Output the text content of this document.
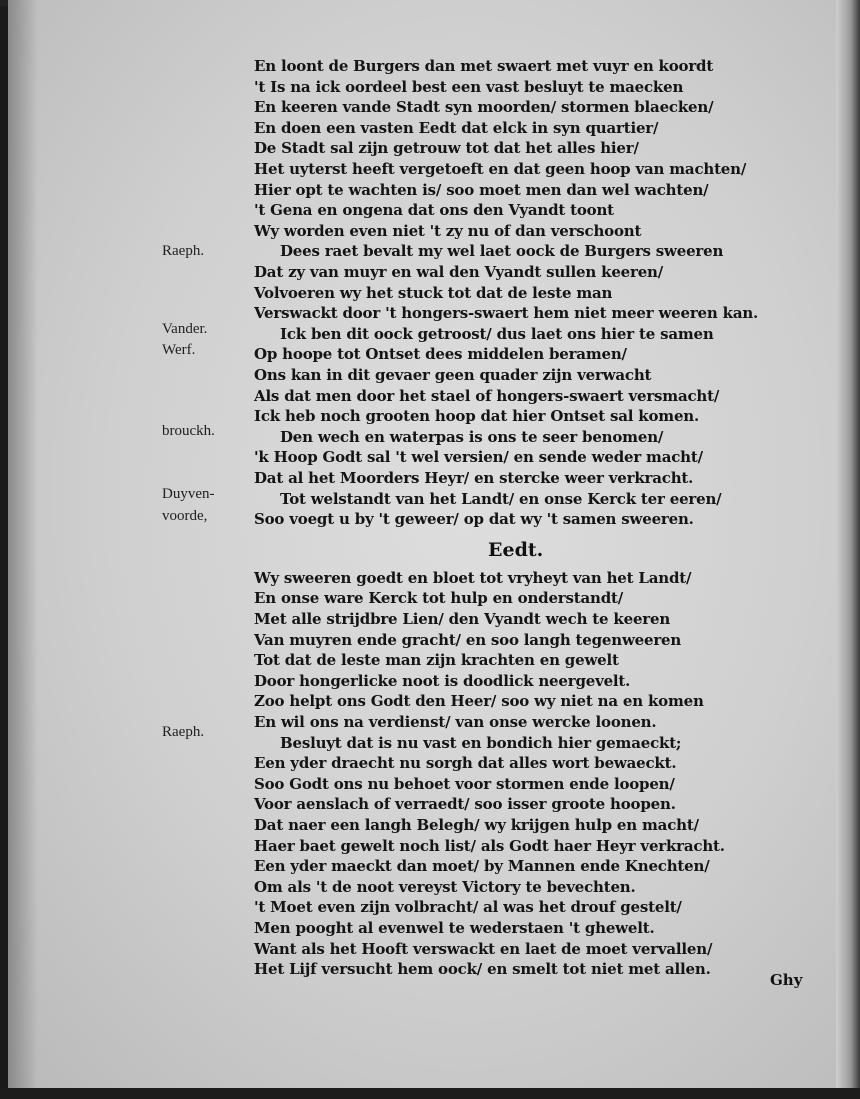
Eedt.
Ghy
En loont de Burgers dan met swaert met vuyr en koordt
't Is na ick oordeel best een vast besluyt te maecken
En keeren vande Stadt syn moorden/ stormen blaecken/
En doen een vasten Eedt dat elck in syn quartier/
De Stadt sal zijn getrouw tot dat het alles hier/
Het uyterst heeft vergetoeft en dat geen hoop van machten/
Hier opt te wachten is/ soo moet men dan wel wachten/
't Gena en ongena dat ons den Vyandt toont
Wy worden even niet 't zy nu of dan verschoont
Dees raet bevalt my wel laet oock de Burgers sweeren
Dat zy van muyr en wal den Vyandt sullen keeren/
Volvoeren wy het stuck tot dat de leste man
Verswackt door 't hongers-swaert hem niet meer weeren kan.
Ick ben dit oock getroost/ dus laet ons hier te samen
Op hoope tot Ontset dees middelen beramen/
Ons kan in dit gevaer geen quader zijn verwacht
Als dat men door het stael of hongers-swaert versmacht/
Ick heb noch grooten hoop dat hier Ontset sal komen.
Den wech en waterpas is ons te seer benomen/
'k Hoop Godt sal 't wel versien/ en sende weder macht/
Dat al het Moorders Heyr/ en stercke weer verkracht.
Tot welstandt van het Landt/ en onse Kerck ter eeren/
Soo voegt u by 't geweer/ op dat wy 't samen sweeren.
Wy sweeren goedt en bloet tot vryheyt van het Landt/
En onse ware Kerck tot hulp en onderstandt/
Met alle strijdbre Lien/ den Vyandt wech te keeren
Van muyren ende gracht/ en soo langh tegenweeren
Tot dat de leste man zijn krachten en gewelt
Door hongerlicke noot is doodlick neergevelt.
Zoo helpt ons Godt den Heer/ soo wy niet na en komen
En wil ons na verdienst/ van onse wercke loonen.
Besluyt dat is nu vast en bondich hier gemaeckt;
Een yder draecht nu sorgh dat alles wort bewaeckt.
Soo Godt ons nu behoet voor stormen ende loopen/
Voor aenslach of verraedt/ soo isser groote hoopen.
Dat naer een langh Belegh/ wy krijgen hulp en macht/
Haer baet gewelt noch list/ als Godt haer Heyr verkracht.
Een yder maeckt dan moet/ by Mannen ende Knechten/
Om als 't de noot vereyst Victory te bevechten.
't Moet even zijn volbracht/ al was het drouf gestelt/
Men pooght al evenwel te wederstaen 't ghewelt.
Want als het Hooft verswackt en laet de moet vervallen/
Het Lijf versucht hem oock/ en smelt tot niet met allen.
Raeph.
Vander.
Werf.
brouckh.
Duyven-
voorde,
Raeph.
